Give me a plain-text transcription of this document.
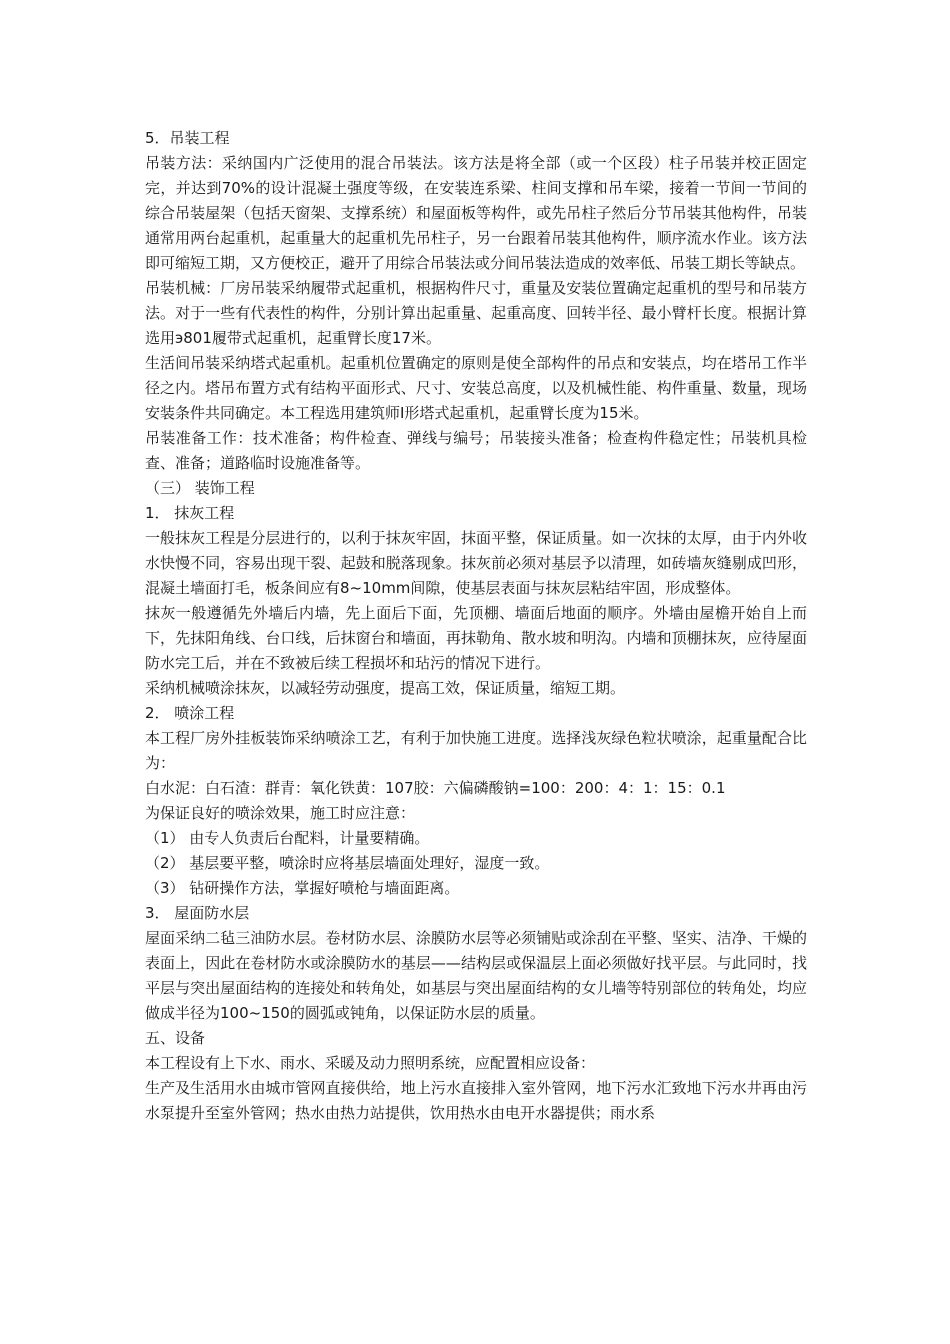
5．吊装工程

吊装方法：采纳国内广泛使用的混合吊装法。该方法是将全部（或一个区段）柱子吊装并校正固定完，并达到70%的设计混凝土强度等级，在安装连系梁、柱间支撑和吊车梁，接着一节间一节间的综合吊装屋架（包括天窗架、支撑系统）和屋面板等构件，或先吊柱子然后分节吊装其他构件，吊装通常用两台起重机，起重量大的起重机先吊柱子，另一台跟着吊装其他构件，顺序流水作业。该方法即可缩短工期，又方便校正，避开了用综合吊装法或分间吊装法造成的效率低、吊装工期长等缺点。

吊装机械：厂房吊装采纳履带式起重机，根据构件尺寸，重量及安装位置确定起重机的型号和吊装方法。对于一些有代表性的构件，分别计算出起重量、起重高度、回转半径、最小臂杆长度。根据计算选用э801履带式起重机，起重臂长度17米。

生活间吊装采纳塔式起重机。起重机位置确定的原则是使全部构件的吊点和安装点，均在塔吊工作半径之内。塔吊布置方式有结构平面形式、尺寸、安装总高度，以及机械性能、构件重量、数量，现场安装条件共同确定。本工程选用建筑师Ⅰ形塔式起重机，起重臂长度为15米。

吊装准备工作：技术准备；构件检查、弹线与编号；吊装接头准备；检查构件稳定性；吊装机具检查、准备；道路临时设施准备等。

（三） 装饰工程

1． 抹灰工程

一般抹灰工程是分层进行的，以利于抹灰牢固，抹面平整，保证质量。如一次抹的太厚，由于内外收水快慢不同，容易出现干裂、起鼓和脱落现象。抹灰前必须对基层予以清理，如砖墙灰缝剔成凹形，混凝土墙面打毛，板条间应有8~10mm间隙，使基层表面与抹灰层粘结牢固，形成整体。

抹灰一般遵循先外墙后内墙，先上面后下面，先顶棚、墙面后地面的顺序。外墙由屋檐开始自上而下，先抹阳角线、台口线，后抹窗台和墙面，再抹勒角、散水坡和明沟。内墙和顶棚抹灰，应待屋面防水完工后，并在不致被后续工程损坏和玷污的情况下进行。

采纳机械喷涂抹灰，以减轻劳动强度，提高工效，保证质量，缩短工期。

2． 喷涂工程

本工程厂房外挂板装饰采纳喷涂工艺，有利于加快施工进度。选择浅灰绿色粒状喷涂，起重量配合比为：

白水泥：白石渣：群青：氧化铁黄：107胶：六偏磷酸钠=100：200：4：1：15：0.1

为保证良好的喷涂效果，施工时应注意：

（1） 由专人负责后台配料，计量要精确。

（2） 基层要平整，喷涂时应将基层墙面处理好，湿度一致。

（3） 钻研操作方法，掌握好喷枪与墙面距离。

3． 屋面防水层

屋面采纳二毡三油防水层。卷材防水层、涂膜防水层等必须铺贴或涂刮在平整、坚实、洁净、干燥的表面上，因此在卷材防水或涂膜防水的基层——结构层或保温层上面必须做好找平层。与此同时，找平层与突出屋面结构的连接处和转角处，如基层与突出屋面结构的女儿墙等特别部位的转角处，均应做成半径为100~150的圆弧或钝角，以保证防水层的质量。

五、设备

本工程设有上下水、雨水、采暖及动力照明系统，应配置相应设备：

生产及生活用水由城市管网直接供给，地上污水直接排入室外管网，地下污水汇致地下污水井再由污水泵提升至室外管网；热水由热力站提供，饮用热水由电开水器提供；雨水系
